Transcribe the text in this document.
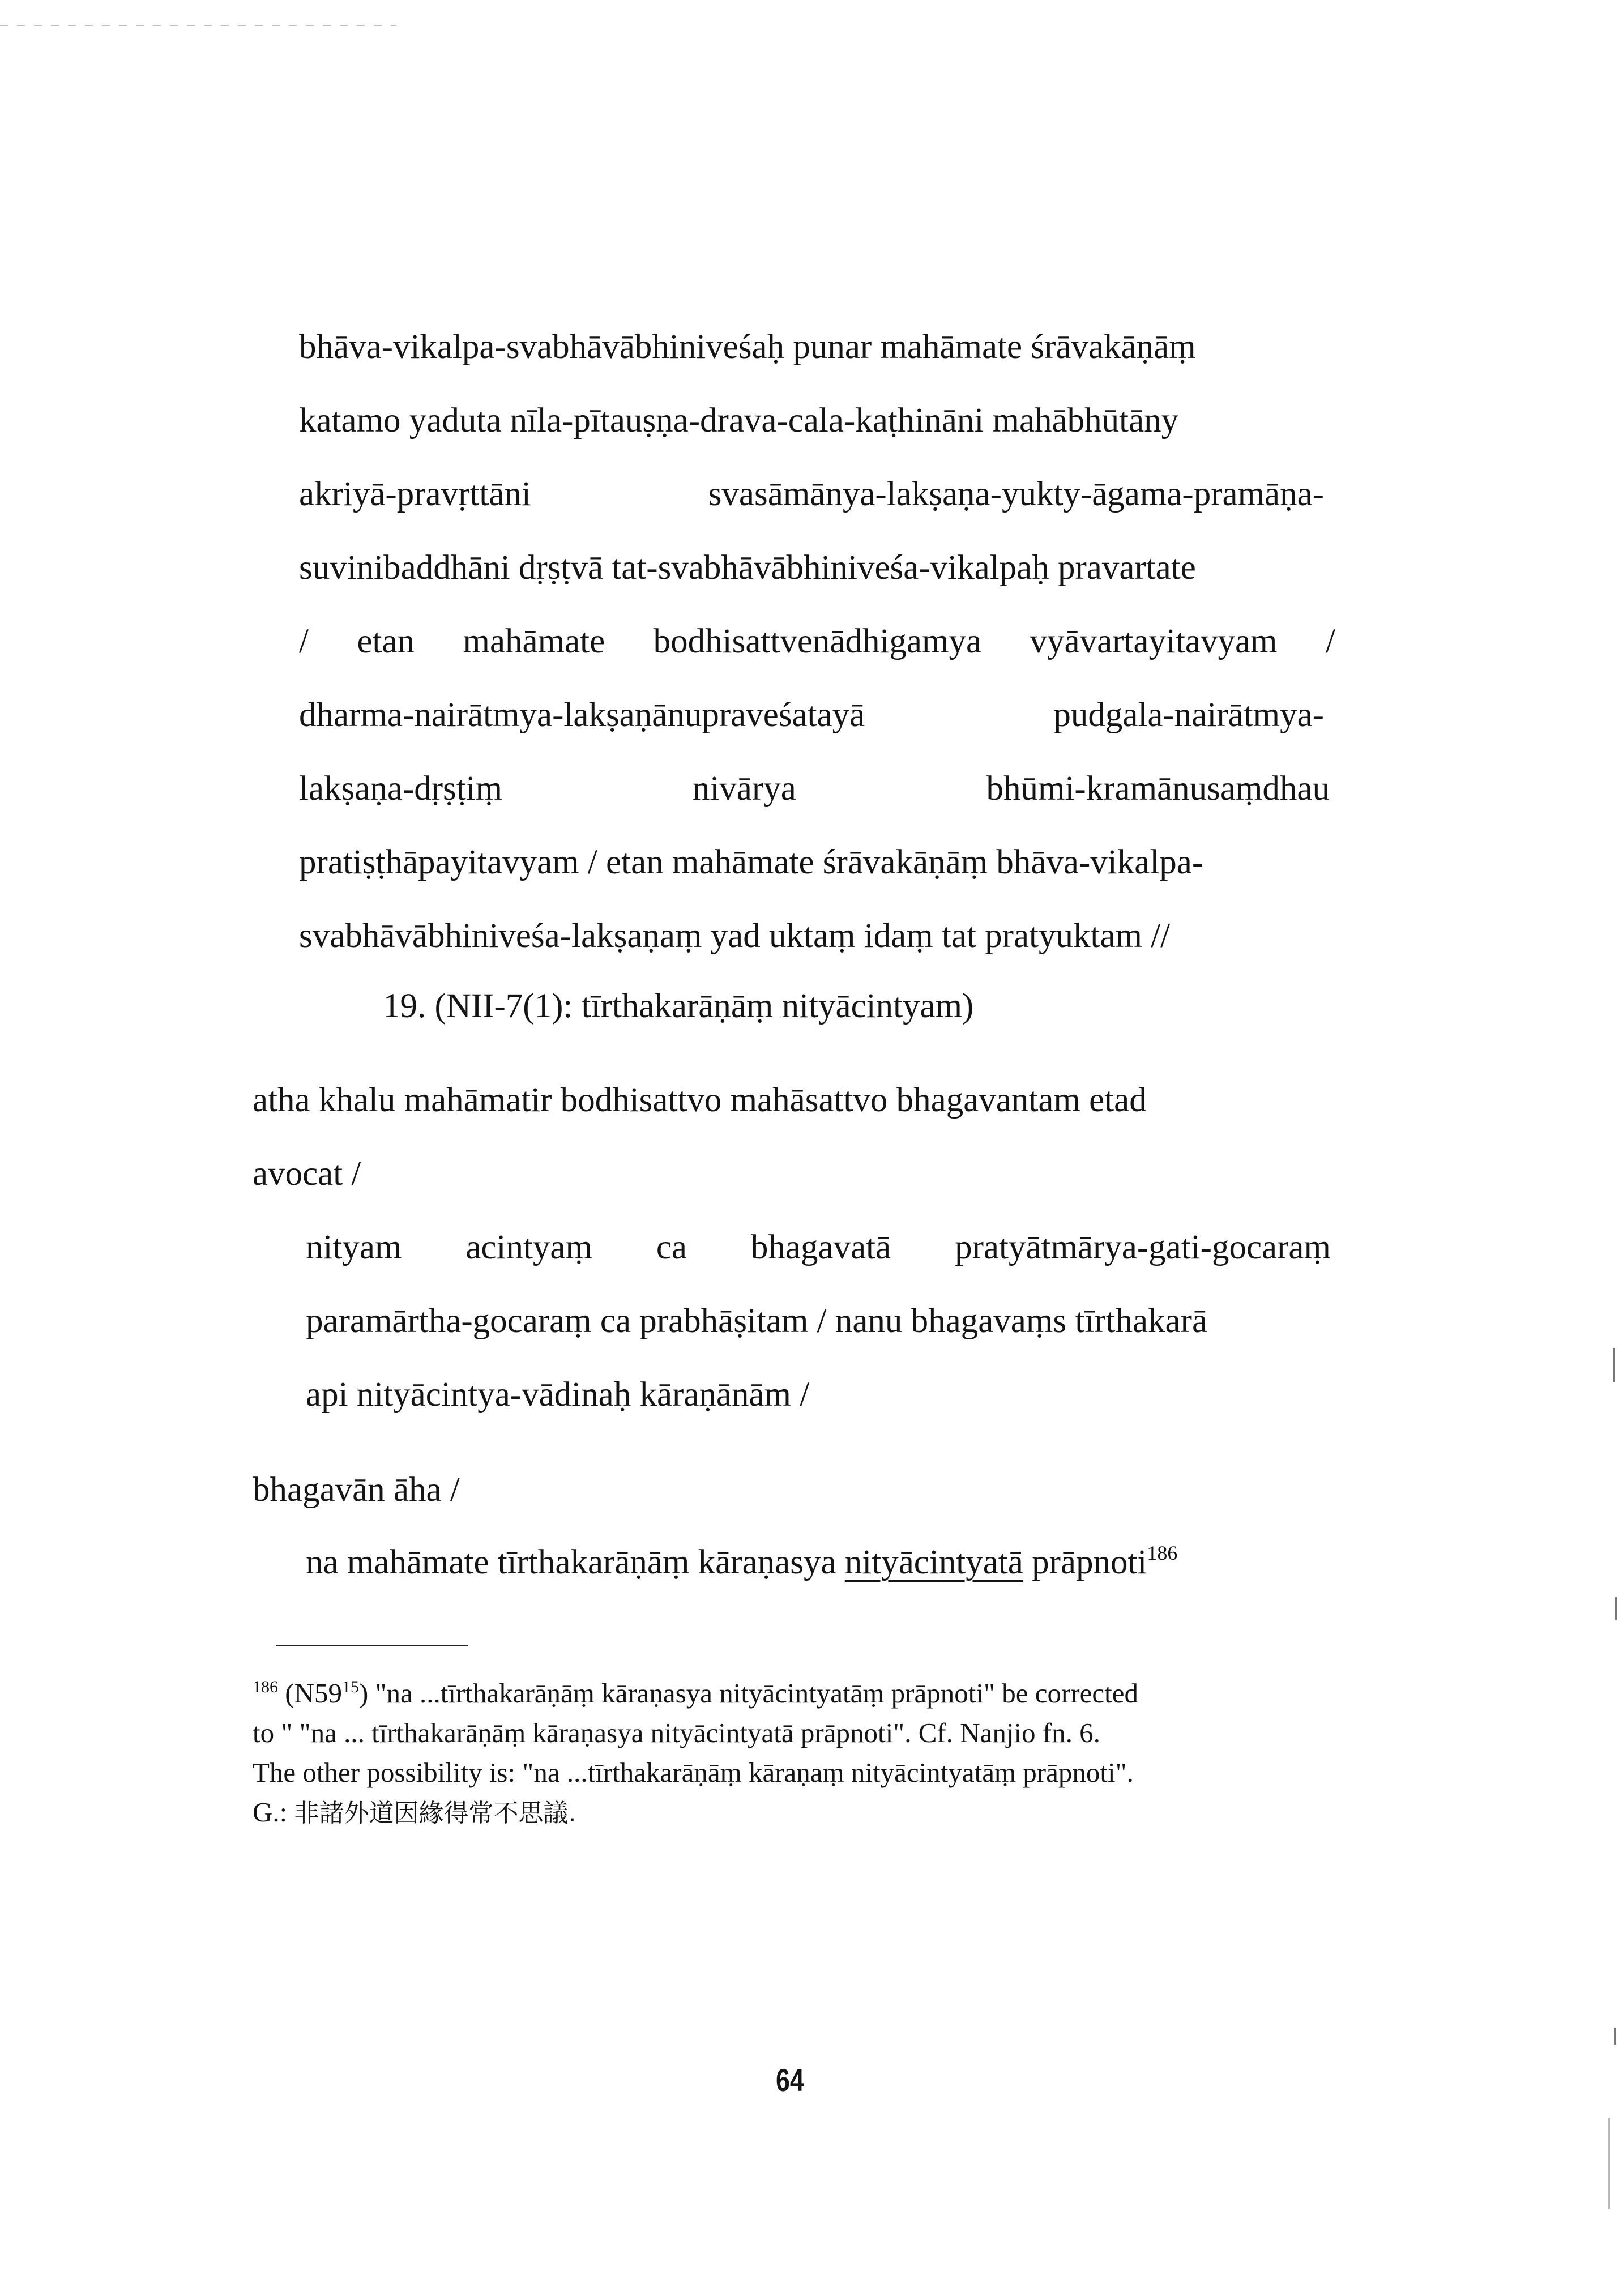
bhāva-vikalpa-svabhāvābhiniveśaḥ punar mahāmate śrāvakāṇāṃ

katamo yaduta nīla-pītauṣṇa-drava-cala-kaṭhināni mahābhūtāny

akriyā-pravṛttāni	svasāmānya-lakṣaṇa-yukty-āgama-pramāṇa-

suvinibaddhāni dṛṣṭvā tat-svabhāvābhiniveśa-vikalpaḥ pravartate

/ etan mahāmate bodhisattvenādhigamya vyāvartayitavyam /
dharma-nairātmya-lakṣaṇānupraveśatayā	pudgala-nairātmya-
lakṣaṇa-dṛṣṭiṃ	nivārya	bhūmi-kramānusaṃdhau

pratiṣṭhāpayitavyam / etan mahāmate śrāvakāṇāṃ bhāva-vikalpa-

svabhāvābhiniveśa-lakṣaṇaṃ yad uktaṃ idaṃ tat pratyuktam //

19. (NII-7(1): tīrthakarāṇāṃ nityācintyam)

atha khalu mahāmatir bodhisattvo mahāsattvo bhagavantam etad

avocat /

nityam acintyaṃ ca bhagavatā pratyātmārya-gati-gocaraṃ

paramārtha-gocaraṃ ca prabhāṣitam / nanu bhagavaṃs tīrthakarā

api nityācintya-vādinaḥ kāraṇānām /

bhagavān āha /

na mahāmate tīrthakarāṇāṃ kāraṇasya nityācintyatā prāpnoti$^{186}$

$^{186}$ $(N59^{15})$ "na ...tīrthakarāṇāṃ kāraṇasya nityācintyatāṃ prāpnoti" be corrected

to " "na ... tīrthakarāṇāṃ kāraṇasya nityācintyatā prāpnoti". Cf. Nanjio fn. 6.

The other possibility is: "na ...tīrthakarāṇāṃ kāraṇaṃ nityācintyatāṃ prāpnoti".

G.: 非諸外道因緣得常不思議.

64
